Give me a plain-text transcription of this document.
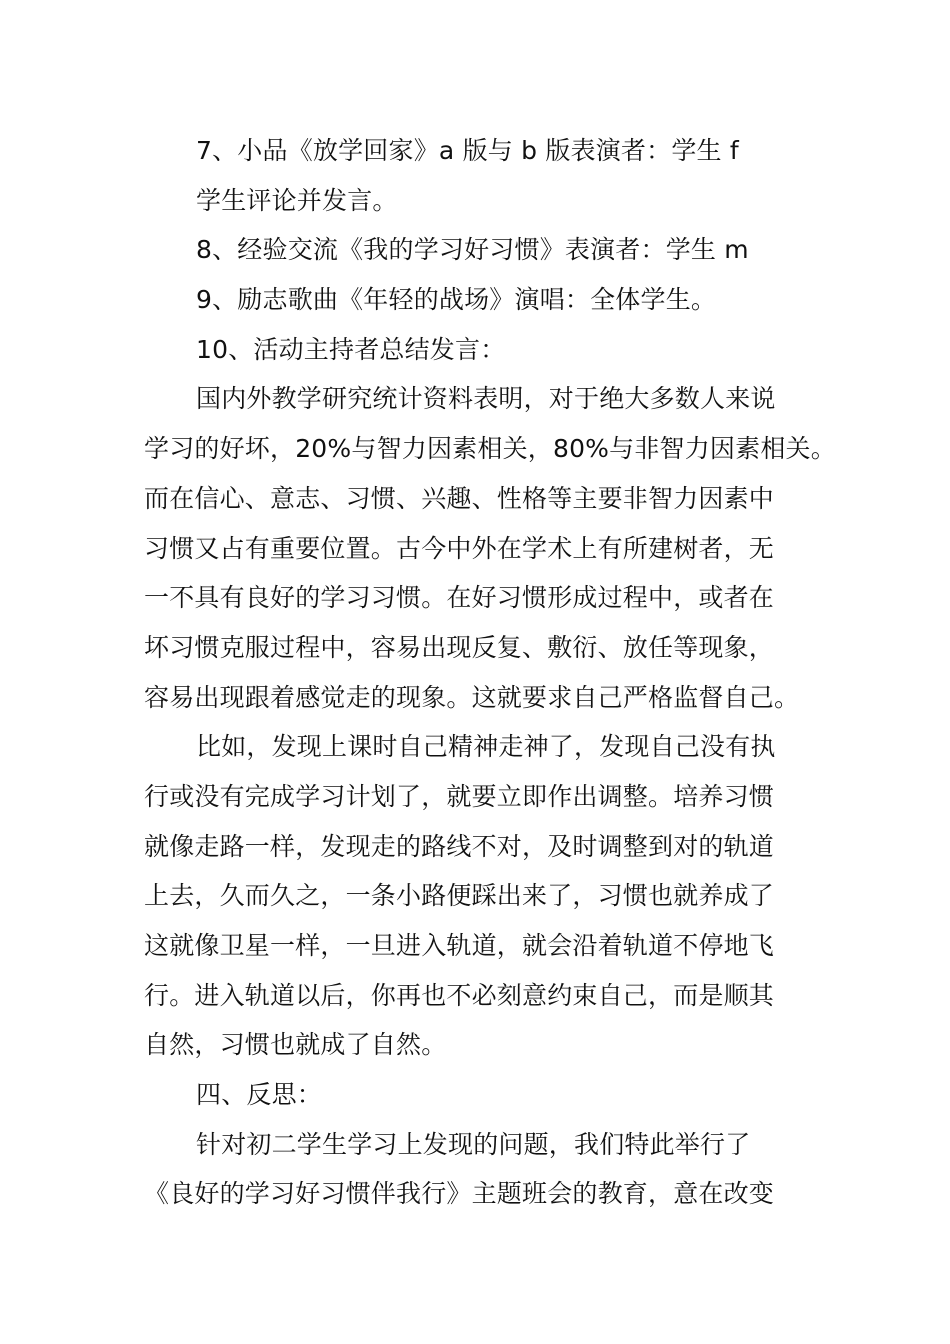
7、小品《放学回家》a 版与 b 版表演者：学生 f
学生评论并发言。
8、经验交流《我的学习好习惯》表演者：学生 m
9、励志歌曲《年轻的战场》演唱：全体学生。
10、活动主持者总结发言：
国内外教学研究统计资料表明，对于绝大多数人来说
学习的好坏，20%与智力因素相关，80%与非智力因素相关。
而在信心、意志、习惯、兴趣、性格等主要非智力因素中
习惯又占有重要位置。古今中外在学术上有所建树者，无
一不具有良好的学习习惯。在好习惯形成过程中，或者在
坏习惯克服过程中，容易出现反复、敷衍、放任等现象，
容易出现跟着感觉走的现象。这就要求自己严格监督自己。
比如，发现上课时自己精神走神了，发现自己没有执
行或没有完成学习计划了，就要立即作出调整。培养习惯
就像走路一样，发现走的路线不对，及时调整到对的轨道
上去，久而久之，一条小路便踩出来了，习惯也就养成了
这就像卫星一样，一旦进入轨道，就会沿着轨道不停地飞
行。进入轨道以后，你再也不必刻意约束自己，而是顺其
自然，习惯也就成了自然。
四、反思：
针对初二学生学习上发现的问题，我们特此举行了
《良好的学习好习惯伴我行》主题班会的教育，意在改变
